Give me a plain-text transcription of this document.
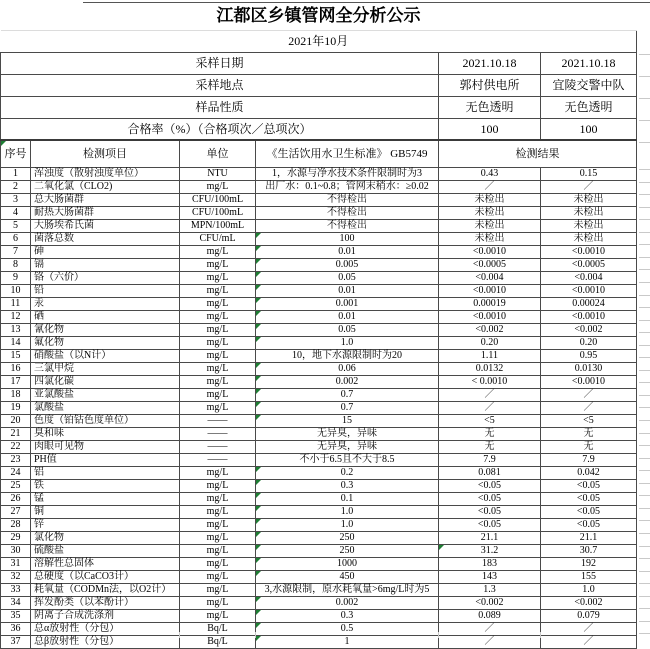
江都区乡镇管网全分析公示					
2021年10月					
采样日期				2021.10.18	2021.10.18
采样地点				郭村供电所	宜陵交警中队
样品性质				无色透明	无色透明
合格率（%）（合格项次／总项次）				100	100

序号	检测项目	单位	《生活饮用水卫生标准》 GB5749	检测结果	
1	浑浊度（散射浊度单位）	NTU	1，水源与净水技术条件限制时为3	0.43	0.15
2	二氧化氯（CLO2)	mg/L	出厂水：0.1~0.8；管网末稍水：≥0.02	／	／
3	总大肠菌群	CFU/100mL	不得检出	未检出	未检出
4	耐热大肠菌群	CFU/100mL	不得检出	未检出	未检出
5	大肠埃希氏菌	MPN/100mL	不得检出	未检出	未检出
6	菌落总数	CFU/mL	100	未检出	未检出
7	砷	mg/L	0.01	<0.0010	<0.0010
8	镉	mg/L	0.005	<0.0005	<0.0005
9	铬（六价）	mg/L	0.05	<0.004	<0.004
10	铅	mg/L	0.01	<0.0010	<0.0010
11	汞	mg/L	0.001	0.00019	0.00024
12	硒	mg/L	0.01	<0.0010	<0.0010
13	氰化物	mg/L	0.05	<0.002	<0.002
14	氟化物	mg/L	1.0	0.20	0.20
15	硝酸盐（以N计）	mg/L	10，地下水源限制时为20	1.11	0.95
16	三氯甲烷	mg/L	0.06	0.0132	0.0130
17	四氯化碳	mg/L	0.002	< 0.0010	<0.0010
18	亚氯酸盐	mg/L	0.7	／	／
19	氯酸盐	mg/L	0.7	／	／
20	色度（铂钴色度单位）	——	15	<5	<5
21	臭和味	——	无异臭，异味	无	无
22	肉眼可见物	——	无异臭，异味	无	无
23	PH值	——	不小于6.5且不大于8.5	7.9	7.9
24	铝	mg/L	0.2	0.081	0.042
25	铁	mg/L	0.3	<0.05	<0.05
26	锰	mg/L	0.1	<0.05	<0.05
27	铜	mg/L	1.0	<0.05	<0.05
28	锌	mg/L	1.0	<0.05	<0.05
29	氯化物	mg/L	250	21.1	21.1
30	硫酸盐	mg/L	250	31.2	30.7
31	溶解性总固体	mg/L	1000	183	192
32	总硬度（以CaCO3计）	mg/L	450	143	155
33	耗氧量（CODMn法，以O2计）	mg/L	3,水源限制，原水耗氧量>6mg/L时为5	1.3	1.0
34	挥发酚类（以苯酚计）	mg/L	0.002	<0.002	<0.002
35	阴离子合成洗涤剂	mg/L	0.3	0.089	0.079
36	总α放射性（分包）	Bq/L	0.5	／	／
37	总β放射性（分包）	Bq/L	1	／	／
